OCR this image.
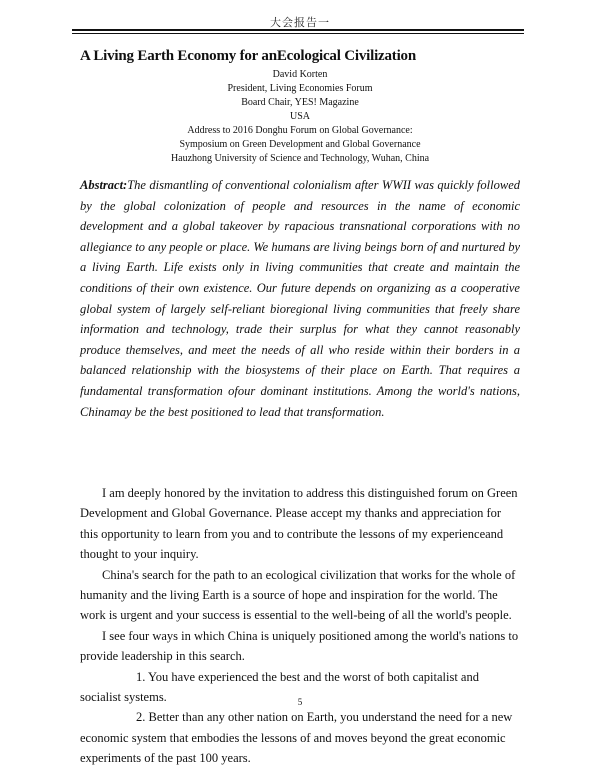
大会报告一
A Living Earth Economy for anEcological Civilization
David Korten
President, Living Economies Forum
Board Chair, YES! Magazine
USA
Address to 2016 Donghu Forum on Global Governance:
Symposium on Green Development and Global Governance
Hauzhong University of Science and Technology, Wuhan, China
Abstract:The dismantling of conventional colonialism after WWII was quickly followed by the global colonization of people and resources in the name of economic development and a global takeover by rapacious transnational corporations with no allegiance to any people or place. We humans are living beings born of and nurtured by a living Earth. Life exists only in living communities that create and maintain the conditions of their own existence. Our future depends on organizing as a cooperative global system of largely self-reliant bioregional living communities that freely share information and technology, trade their surplus for what they cannot reasonably produce themselves, and meet the needs of all who reside within their borders in a balanced relationship with the biosystems of their place on Earth. That requires a fundamental transformation ofour dominant institutions. Among the world's nations, Chinamay be the best positioned to lead that transformation.

I am deeply honored by the invitation to address this distinguished forum on Green Development and Global Governance. Please accept my thanks and appreciation for this opportunity to learn from you and to contribute the lessons of my experienceand thought to your inquiry.

China's search for the path to an ecological civilization that works for the whole of humanity and the living Earth is a source of hope and inspiration for the world. The work is urgent and your success is essential to the well-being of all the world's people.

I see four ways in which China is uniquely positioned among the world's nations to provide leadership in this search.

1. You have experienced the best and the worst of both capitalist and socialist systems.

2. Better than any other nation on Earth, you understand the need for a new economic system that embodies the lessons of and moves beyond the great economic experiments of the past 100 years.

5
